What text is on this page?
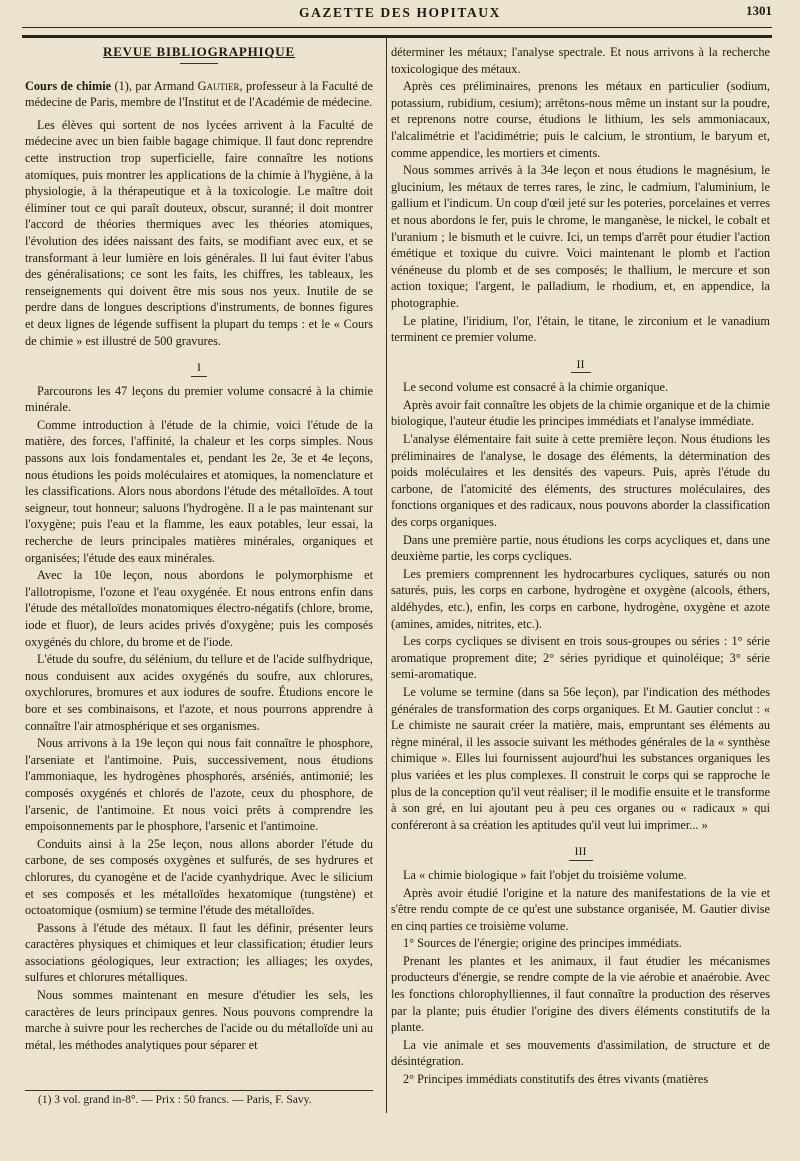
GAZETTE DES HOPITAUX	1301
REVUE BIBLIOGRAPHIQUE

Cours de chimie (1), par Armand Gautier, professeur à la Faculté de médecine de Paris, membre de l'Institut et de l'Académie de médecine.

Les élèves qui sortent de nos lycées arrivent à la Faculté de médecine avec un bien faible bagage chimique. Il faut donc reprendre cette instruction trop superficielle, faire connaître les notions atomiques, puis montrer les applications de la chimie à l'hygiène, à la physiologie, à la thérapeutique et à la toxicologie. Le maître doit éliminer tout ce qui paraît douteux, obscur, suranné; il doit montrer l'accord de théories thermiques avec les théories atomiques, l'évolution des idées naissant des faits, se modifiant avec eux, et se transformant à leur lumière en lois générales. Il lui faut éviter l'abus des généralisations; ce sont les faits, les chiffres, les tableaux, les renseignements qui doivent être mis sous nos yeux. Inutile de se perdre dans de longues descriptions d'instruments, de bonnes figures et deux lignes de légende suffisent la plupart du temps : et le « Cours de chimie » est illustré de 500 gravures.

I

Parcourons les 47 leçons du premier volume consacré à la chimie minérale.

Comme introduction à l'étude de la chimie, voici l'étude de la matière, des forces, l'affinité, la chaleur et les corps simples. Nous passons aux lois fondamentales et, pendant les 2e, 3e et 4e leçons, nous étudions les poids moléculaires et atomiques, la nomenclature et les classifications. Alors nous abordons l'étude des métalloïdes. A tout seigneur, tout honneur; saluons l'hydrogène. Il a le pas maintenant sur l'oxygène; puis l'eau et la flamme, les eaux potables, leur essai, la recherche de leurs principales matières minérales, organiques et organisées; l'étude des eaux minérales.

Avec la 10e leçon, nous abordons le polymorphisme et l'allotropisme, l'ozone et l'eau oxygénée. Et nous entrons enfin dans l'étude des métalloïdes monatomiques électro-négatifs (chlore, brome, iode et fluor), de leurs acides privés d'oxygène; puis les composés oxygénés du chlore, du brome et de l'iode.

L'étude du soufre, du sélénium, du tellure et de l'acide sulfhydrique, nous conduisent aux acides oxygénés du soufre, aux chlorures, oxychlorures, bromures et aux iodures de soufre. Étudions encore le bore et ses combinaisons, et l'azote, et nous pourrons apprendre à connaître l'air atmosphérique et ses organismes.

Nous arrivons à la 19e leçon qui nous fait connaître le phosphore, l'arseniate et l'antimoine. Puis, successivement, nous étudions l'ammoniaque, les hydrogènes phosphorés, arséniés, antimonié; les composés oxygénés et chlorés de l'azote, ceux du phosphore, de l'arsenic, de l'antimoine. Et nous voici prêts à comprendre les empoisonnements par le phosphore, l'arsenic et l'antimoine.

Conduits ainsi à la 25e leçon, nous allons aborder l'étude du carbone, de ses composés oxygènes et sulfurés, de ses hydrures et chlorures, du cyanogène et de l'acide cyanhydrique. Avec le silicium et ses composés et les métalloïdes hexatomique (tungstène) et octoatomique (osmium) se termine l'étude des métalloïdes.

Passons à l'étude des métaux. Il faut les définir, présenter leurs caractères physiques et chimiques et leur classification; étudier leurs associations géologiques, leur extraction; les alliages; les oxydes, sulfures et chlorures métalliques.

Nous sommes maintenant en mesure d'étudier les sels, les caractères de leurs principaux genres. Nous pouvons comprendre la marche à suivre pour les recherches de l'acide ou du métalloïde uni au métal, les méthodes analytiques pour séparer et

(1) 3 vol. grand in-8°. — Prix : 50 francs. — Paris, F. Savy.

déterminer les métaux; l'analyse spectrale. Et nous arrivons à la recherche toxicologique des métaux.

Après ces préliminaires, prenons les métaux en particulier (sodium, potassium, rubidium, cesium); arrêtons-nous même un instant sur la poudre, et reprenons notre course, étudions le lithium, les sels ammoniacaux, l'alcalimétrie et l'acidimétrie; puis le calcium, le strontium, le baryum et, comme appendice, les mortiers et ciments.

Nous sommes arrivés à la 34e leçon et nous étudions le magnésium, le glucinium, les métaux de terres rares, le zinc, le cadmium, l'aluminium, le gallium et l'indicum. Un coup d'œil jeté sur les poteries, porcelaines et verres et nous abordons le fer, puis le chrome, le manganèse, le nickel, le cobalt et l'uranium ; le bismuth et le cuivre. Ici, un temps d'arrêt pour étudier l'action émétique et toxique du cuivre. Voici maintenant le plomb et l'action vénéneuse du plomb et de ses composés; le thallium, le mercure et son action toxique; l'argent, le palladium, le rhodium, et, en appendice, la photographie.

Le platine, l'iridium, l'or, l'étain, le titane, le zirconium et le vanadium terminent ce premier volume.

II

Le second volume est consacré à la chimie organique.

Après avoir fait connaître les objets de la chimie organique et de la chimie biologique, l'auteur étudie les principes immédiats et l'analyse immédiate.

L'analyse élémentaire fait suite à cette première leçon. Nous étudions les préliminaires de l'analyse, le dosage des éléments, la détermination des poids moléculaires et les densités des vapeurs. Puis, après l'étude du carbone, de l'atomicité des éléments, des structures moléculaires, des fonctions organiques et des radicaux, nous pouvons aborder la classification des corps organiques.

Dans une première partie, nous étudions les corps acycliques et, dans une deuxième partie, les corps cycliques.

Les premiers comprennent les hydrocarbures cycliques, saturés ou non saturés, puis, les corps en carbone, hydrogène et oxygène (alcools, éthers, aldéhydes, etc.), enfin, les corps en carbone, hydrogène, oxygène et azote (amines, amides, nitrites, etc.).

Les corps cycliques se divisent en trois sous-groupes ou séries : 1° série aromatique proprement dite; 2° séries pyridique et quinoléique; 3° série semi-aromatique.

Le volume se termine (dans sa 56e leçon), par l'indication des méthodes générales de transformation des corps organiques. Et M. Gautier conclut : « Le chimiste ne saurait créer la matière, mais, empruntant ses éléments au règne minéral, il les associe suivant les méthodes générales de la « synthèse chimique ». Elles lui fournissent aujourd'hui les substances organiques les plus variées et les plus complexes. Il construit le corps qui se rapproche le plus de la conception qu'il veut réaliser; il le modifie ensuite et le transforme à son gré, en lui ajoutant peu à peu ces organes ou « radicaux » qui conféreront à sa création les aptitudes qu'il veut lui imprimer... »

III

La « chimie biologique » fait l'objet du troisième volume.

Après avoir étudié l'origine et la nature des manifestations de la vie et s'être rendu compte de ce qu'est une substance organisée, M. Gautier divise en cinq parties ce troisième volume.

1° Sources de l'énergie; origine des principes immédiats.

Prenant les plantes et les animaux, il faut étudier les mécanismes producteurs d'énergie, se rendre compte de la vie aérobie et anaérobie. Avec les fonctions chlorophylliennes, il faut connaître la production des réserves par la plante; puis étudier l'origine des divers éléments constitutifs de la plante.

La vie animale et ses mouvements d'assimilation, de structure et de désintégration.

2° Principes immédiats constitutifs des êtres vivants (matières
